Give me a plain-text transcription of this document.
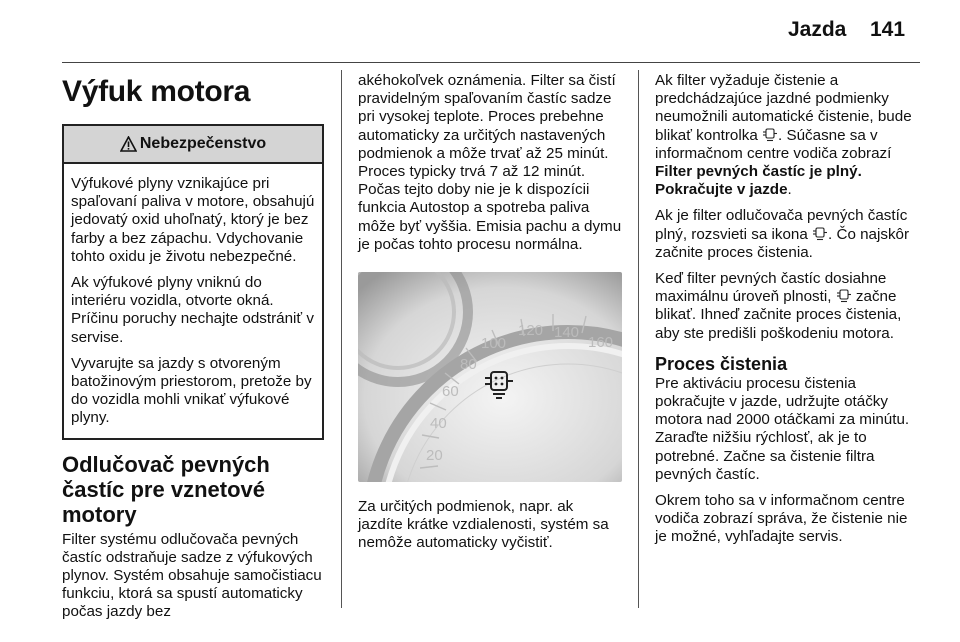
Jazda 141
Výfuk motora
Nebezpečenstvo

Výfukové plyny vznikajúce pri spaľovaní paliva v motore, obsahujú jedovatý oxid uhoľnatý, ktorý je bez farby a bez zápachu. Vdychovanie tohto oxidu je životu nebezpečné.

Ak výfukové plyny vniknú do interiéru vozidla, otvorte okná. Príčinu poruchy nechajte odstrániť v servise.

Vyvarujte sa jazdy s otvoreným batožinovým priestorom, pretože by do vozidla mohli vnikať výfukové plyny.

Odlučovač pevných častíc pre vznetové motory

Filter systému odlučovača pevných častíc odstraňuje sadze z výfukových plynov. Systém obsahuje samočistiacu funkciu, ktorá sa spustí automaticky počas jazdy bez

akéhokoľvek oznámenia. Filter sa čistí pravidelným spaľovaním častíc sadze pri vysokej teplote. Proces prebehne automaticky za určitých nastavených podmienok a môže trvať až 25 minút. Proces typicky trvá 7 až 12 minút. Počas tejto doby nie je k dispozícii funkcia Autostop a spotreba paliva môže byť vyššia. Emisia pachu a dymu je počas tohto procesu normálna.

20
40
60
80
100
120 140
160

Za určitých podmienok, napr. ak jazdíte krátke vzdialenosti, systém sa nemôže automaticky vyčistiť.

Ak filter vyžaduje čistenie a predchádzajúce jazdné podmienky neumožnili automatické čistenie, bude blikať kontrolka . Súčasne sa v informačnom centre vodiča zobrazí Filter pevných častíc je plný. Pokračujte v jazde.

Ak je filter odlučovača pevných častíc plný, rozsvieti sa ikona . Čo najskôr začnite proces čistenia.

Keď filter pevných častíc dosiahne maximálnu úroveň plnosti, začne blikať. Ihneď začnite proces čistenia, aby ste predišli poškodeniu motora.

Proces čistenia

Pre aktiváciu procesu čistenia pokračujte v jazde, udržujte otáčky motora nad 2000 otáčkami za minútu. Zaraďte nižšiu rýchlosť, ak je to potrebné. Začne sa čistenie filtra pevných častíc.

Okrem toho sa v informačnom centre vodiča zobrazí správa, že čistenie nie je možné, vyhľadajte servis.
